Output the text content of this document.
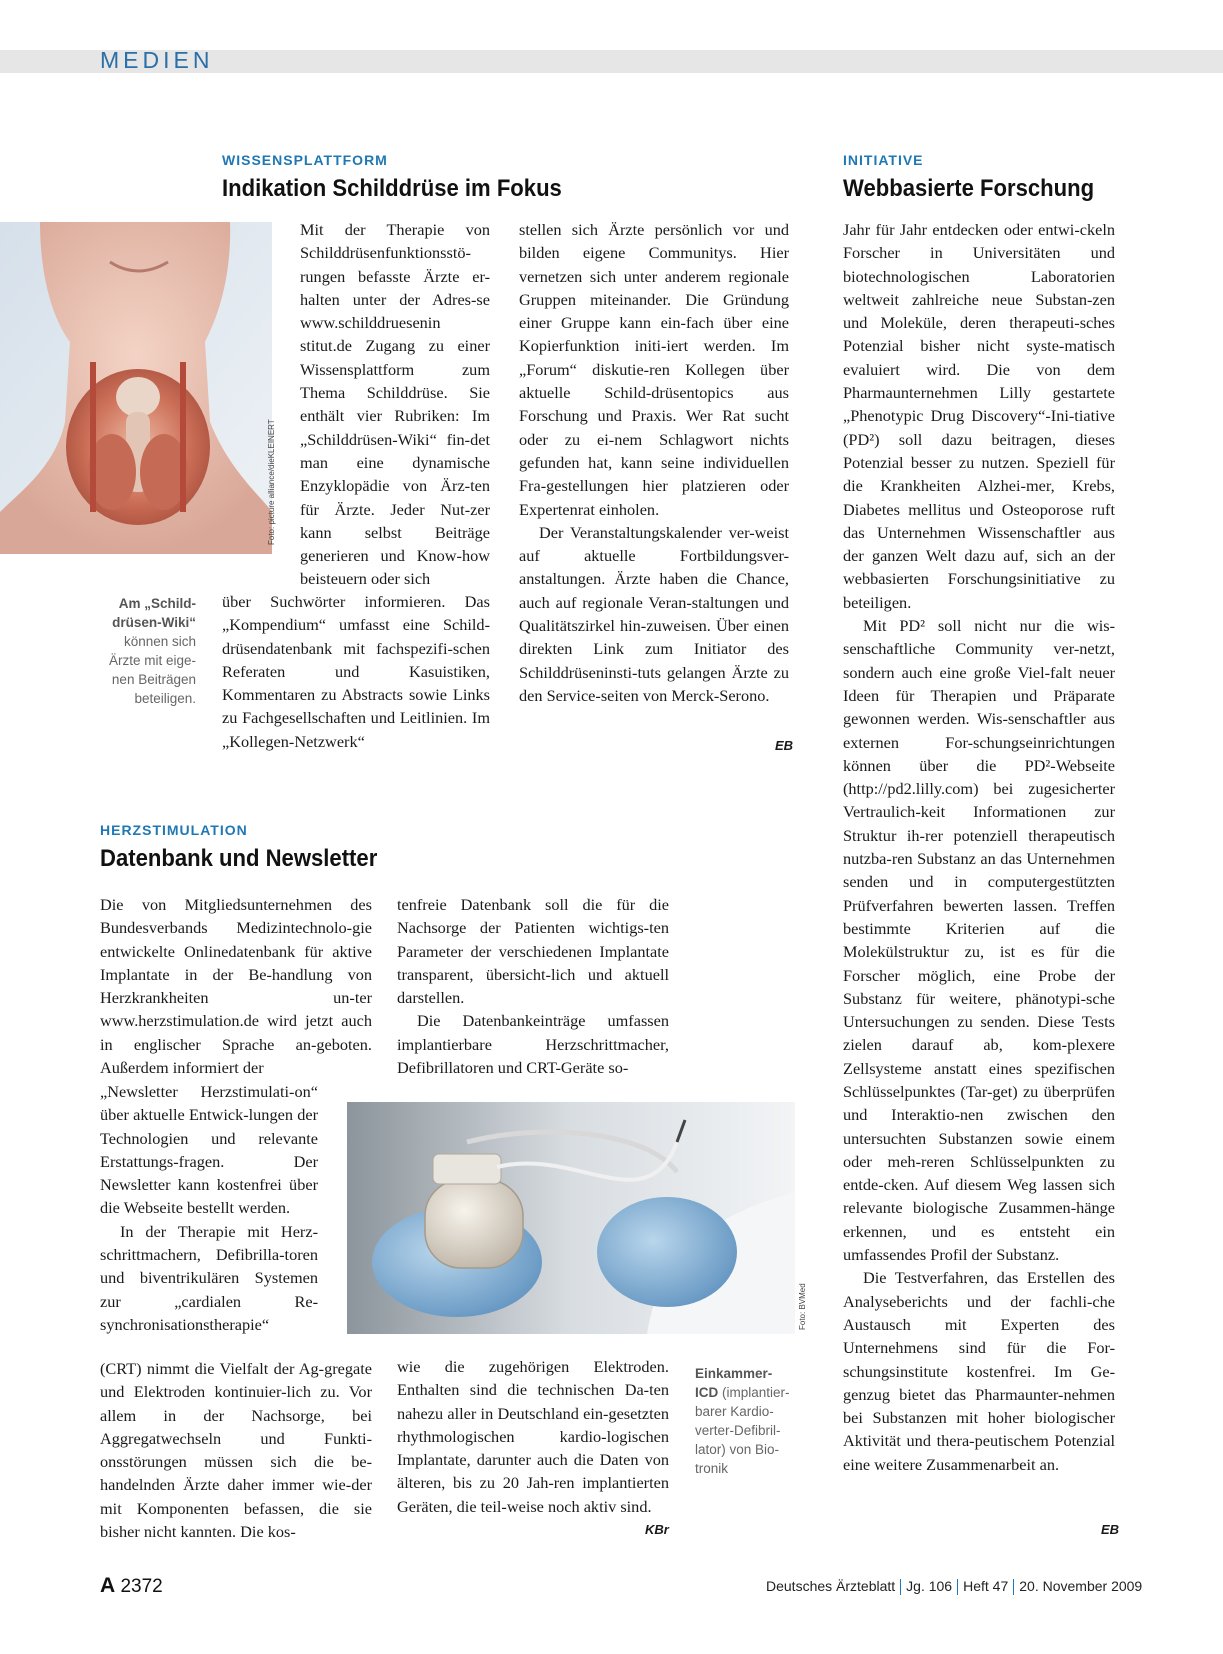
MEDIEN
WISSENSPLATTFORM
Indikation Schilddrüse im Fokus
Foto: picture alliance/dieKLEINERT
Am „Schild-drüsen-Wiki“ können sich Ärzte mit eige-nen Beiträgen beteiligen.

Mit der Therapie von Schilddrüsenfunktionsstö-rungen befasste Ärzte er-halten unter der Adres-se www.schilddruesenin stitut.de Zugang zu einer Wissensplattform zum Thema Schilddrüse. Sie enthält vier Rubriken: Im „Schilddrüsen-Wiki“ fin-det man eine dynamische Enzyklopädie von Ärz-ten für Ärzte. Jeder Nut-zer kann selbst Beiträge generieren und Know-how beisteuern oder sich

über Suchwörter informieren. Das „Kompendium“ umfasst eine Schild-drüsendatenbank mit fachspezifi-schen Referaten und Kasuistiken, Kommentaren zu Abstracts sowie Links zu Fachgesellschaften und Leitlinien. Im „Kollegen-Netzwerk“

stellen sich Ärzte persönlich vor und bilden eigene Communitys. Hier vernetzen sich unter anderem regionale Gruppen miteinander. Die Gründung einer Gruppe kann ein-fach über eine Kopierfunktion initi-iert werden. Im „Forum“ diskutie-ren Kollegen über aktuelle Schild-drüsentopics aus Forschung und Praxis. Wer Rat sucht oder zu ei-nem Schlagwort nichts gefunden hat, kann seine individuellen Fra-gestellungen hier platzieren oder Expertenrat einholen.

Der Veranstaltungskalender ver-weist auf aktuelle Fortbildungsver-anstaltungen. Ärzte haben die Chance, auch auf regionale Veran-staltungen und Qualitätszirkel hin-zuweisen. Über einen direkten Link zum Initiator des Schilddrüseninsti-tuts gelangen Ärzte zu den Service-seiten von Merck-Serono.

EB
HERZSTIMULATION
Datenbank und Newsletter

Die von Mitgliedsunternehmen des Bundesverbands Medizintechnolo-gie entwickelte Onlinedatenbank für aktive Implantate in der Be-handlung von Herzkrankheiten un-ter www.herzstimulation.de wird jetzt auch in englischer Sprache an-geboten. Außerdem informiert der

„Newsletter Herzstimulati-on“ über aktuelle Entwick-lungen der Technologien und relevante Erstattungs-fragen. Der Newsletter kann kostenfrei über die Webseite bestellt werden.

In der Therapie mit Herz-schrittmachern, Defibrilla-toren und biventrikulären Systemen zur „cardialen Re-synchronisationstherapie“

(CRT) nimmt die Vielfalt der Ag-gregate und Elektroden kontinuier-lich zu. Vor allem in der Nachsorge, bei Aggregatwechseln und Funkti-onsstörungen müssen sich die be-handelnden Ärzte daher immer wie-der mit Komponenten befassen, die sie bisher nicht kannten. Die kos-

tenfreie Datenbank soll die für die Nachsorge der Patienten wichtigs-ten Parameter der verschiedenen Implantate transparent, übersicht-lich und aktuell darstellen.

Die Datenbankeinträge umfassen implantierbare Herzschrittmacher, Defibrillatoren und CRT-Geräte so-

Foto: BVMed

wie die zugehörigen Elektroden. Enthalten sind die technischen Da-ten nahezu aller in Deutschland ein-gesetzten rhythmologischen kardio-logischen Implantate, darunter auch die Daten von älteren, bis zu 20 Jah-ren implantierten Geräten, die teil-weise noch aktiv sind.

KBr
Einkammer-ICD (implantier-barer Kardio-verter-Defibril-lator) von Bio-tronik
INITIATIVE
Webbasierte Forschung

Jahr für Jahr entdecken oder entwi-ckeln Forscher in Universitäten und biotechnologischen Laboratorien weltweit zahlreiche neue Substan-zen und Moleküle, deren therapeuti-sches Potenzial bisher nicht syste-matisch evaluiert wird. Die von dem Pharmaunternehmen Lilly gestartete „Phenotypic Drug Discovery“-Ini-tiative (PD²) soll dazu beitragen, dieses Potenzial besser zu nutzen. Speziell für die Krankheiten Alzhei-mer, Krebs, Diabetes mellitus und Osteoporose ruft das Unternehmen Wissenschaftler aus der ganzen Welt dazu auf, sich an der webbasierten Forschungsinitiative zu beteiligen.

Mit PD² soll nicht nur die wis-senschaftliche Community ver-netzt, sondern auch eine große Viel-falt neuer Ideen für Therapien und Präparate gewonnen werden. Wis-senschaftler aus externen For-schungseinrichtungen können über die PD²-Webseite (http://pd2.lilly.com) bei zugesicherter Vertraulich-keit Informationen zur Struktur ih-rer potenziell therapeutisch nutzba-ren Substanz an das Unternehmen senden und in computergestützten Prüfverfahren bewerten lassen. Treffen bestimmte Kriterien auf die Molekülstruktur zu, ist es für die Forscher möglich, eine Probe der Substanz für weitere, phänotypi-sche Untersuchungen zu senden. Diese Tests zielen darauf ab, kom-plexere Zellsysteme anstatt eines spezifischen Schlüsselpunktes (Tar-get) zu überprüfen und Interaktio-nen zwischen den untersuchten Substanzen sowie einem oder meh-reren Schlüsselpunkten zu entde-cken. Auf diesem Weg lassen sich relevante biologische Zusammen-hänge erkennen, und es entsteht ein umfassendes Profil der Substanz.

Die Testverfahren, das Erstellen des Analyseberichts und der fachli-che Austausch mit Experten des Unternehmens sind für die For-schungsinstitute kostenfrei. Im Ge-genzug bietet das Pharmaunter-nehmen bei Substanzen mit hoher biologischer Aktivität und thera-peutischem Potenzial eine weitere Zusammenarbeit an.

EB
A 2372	Deutsches Ärzteblatt Jg. 106 Heft 47 20. November 2009
